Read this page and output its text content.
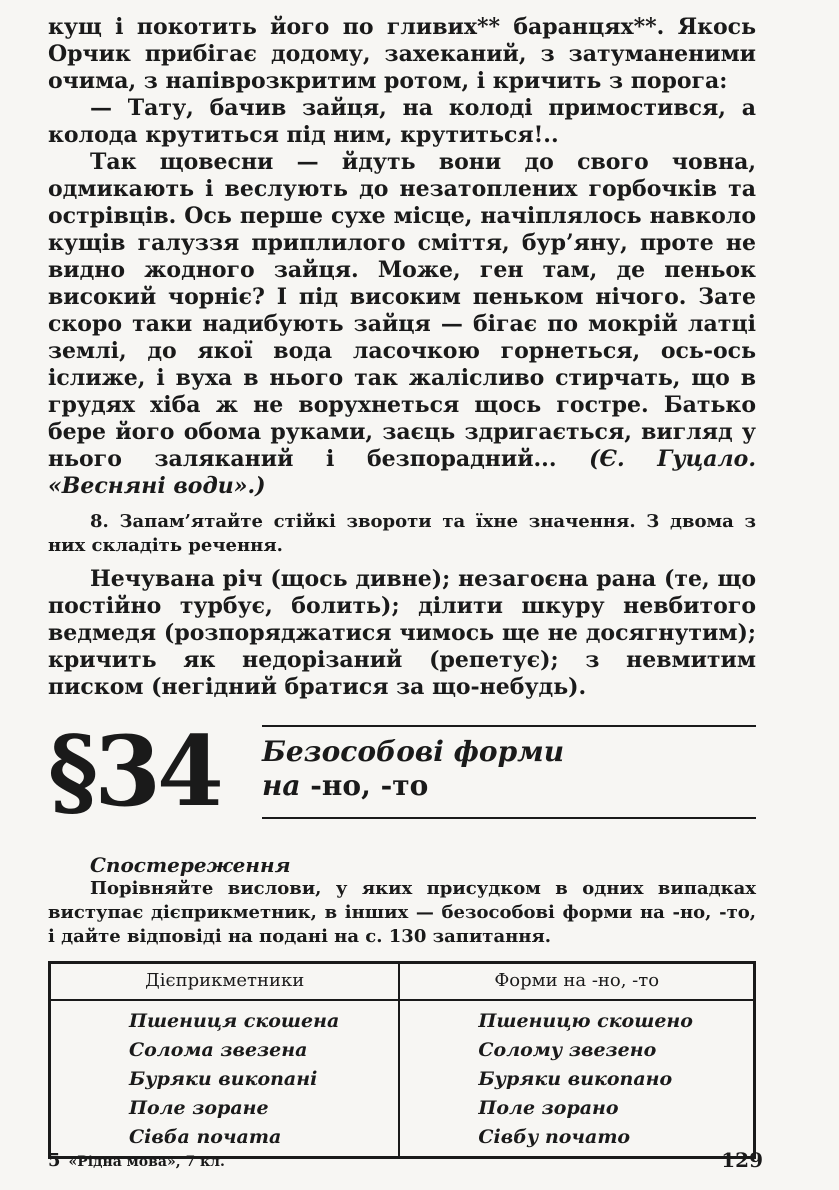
кущ і покотить його по гливих** баранцях**. Якось Орчик прибігає додому, захеканий, з затуманеними очима, з напіврозкритим ротом, і кричить з порога:

— Тату, бачив зайця, на колоді примостився, а колода крутиться під ним, крутиться!..

Так щовесни — йдуть вони до свого човна, одмикають і веслують до незатоплених горбочків та острівців. Ось перше сухе місце, начіплялось навколо кущів галуззя приплилого сміття, бур’яну, проте не видно жодного зайця. Може, ген там, де пеньок високий чорніє? І під високим пеньком нічого. Зате скоро таки надибують зайця — бігає по мокрій латці землі, до якої вода ласочкою горнеться, ось-ось іслиже, і вуха в нього так жалісливо стирчать, що в грудях хіба ж не ворухнеться щось гостре. Батько бере його обома руками, заєць здригається, вигляд у нього заляканий і безпорадний... (Є. Гуцало. «Весняні води».)

8. Запам’ятайте стійкі звороти та їхне значення. З двома з них складіть речення.

Нечувана річ (щось дивне); незагоєна рана (те, що постійно турбує, болить); ділити шкуру невбитого ведмедя (розпоряджатися чимось ще не досягнутим); кричить як недорізаний (репетує); з невмитим писком (негідний братися за що-небудь).

§34 Безособові форми
на -но, -то
Спостереження

Порівняйте вислови, у яких присудком в одних випадках виступає дієприкметник, в інших — безособові форми на -но, -то, і дайте відповіді на подані на с. 130 запитання.

Дієприкметники	Форми на -но, -то
Пшениця скошена	Пшеницю скошено
Солома звезена	Солому звезено
Буряки викопані	Буряки викопано
Поле зоране	Поле зорано
Сівба почата	Сівбу почато
5 «Рідна мова», 7 кл.	129
